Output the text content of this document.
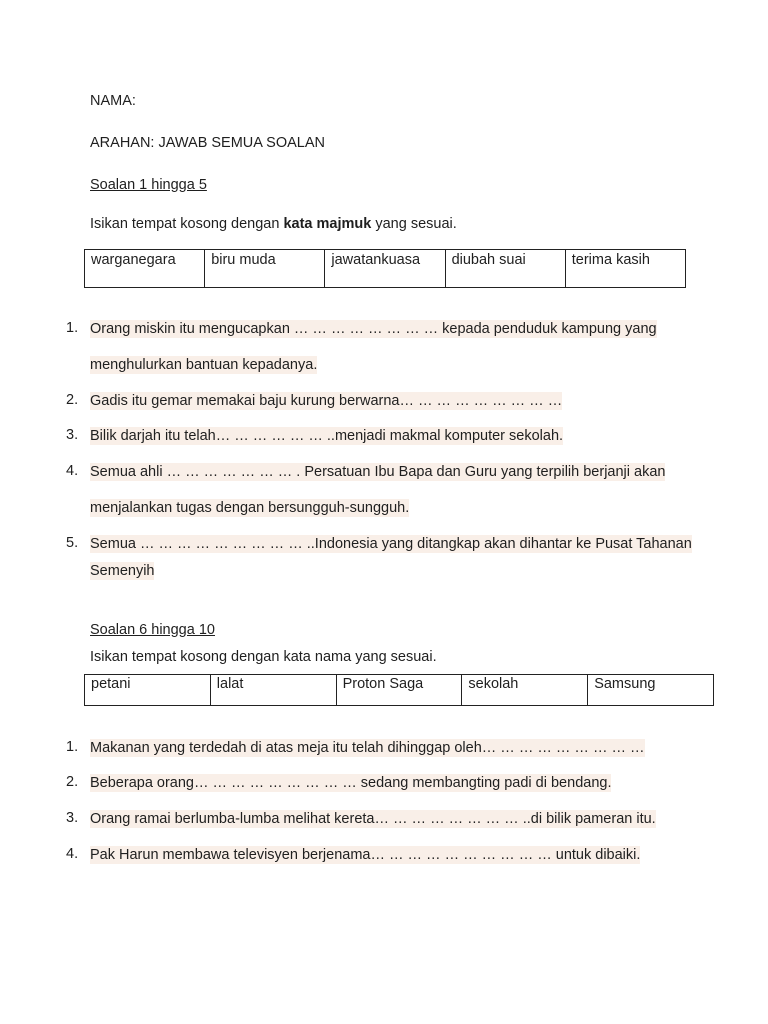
NAMA:
ARAHAN: JAWAB SEMUA SOALAN
Soalan 1 hingga 5
Isikan tempat kosong dengan kata majmuk yang sesuai.
warganegara	biru muda	jawatankuasa	diubah suai	terima kasih
1. Orang miskin itu mengucapkan … … … … … … … … kepada penduduk kampung yang
menghulurkan bantuan kepadanya.
2. Gadis itu gemar memakai baju kurung berwarna… … … … … … … … …
3. Bilik darjah itu telah… … … … … … ..menjadi makmal komputer sekolah.
4. Semua ahli … … … … … … … . Persatuan Ibu Bapa dan Guru yang terpilih berjanji akan
menjalankan tugas dengan bersungguh-sungguh.
5. Semua … … … … … … … … … ..Indonesia yang ditangkap akan dihantar ke Pusat Tahanan
Semenyih
Soalan 6 hingga 10
Isikan tempat kosong dengan kata nama yang sesuai.
petani	lalat	Proton Saga	sekolah	Samsung
1. Makanan yang terdedah di atas meja itu telah dihinggap oleh… … … … … … … … …
2. Beberapa orang… … … … … … … … … sedang membangting padi di bendang.
3. Orang ramai berlumba-lumba melihat kereta… … … … … … … … ..di bilik pameran itu.
4. Pak Harun membawa televisyen berjenama… … … … … … … … … … untuk dibaiki.
